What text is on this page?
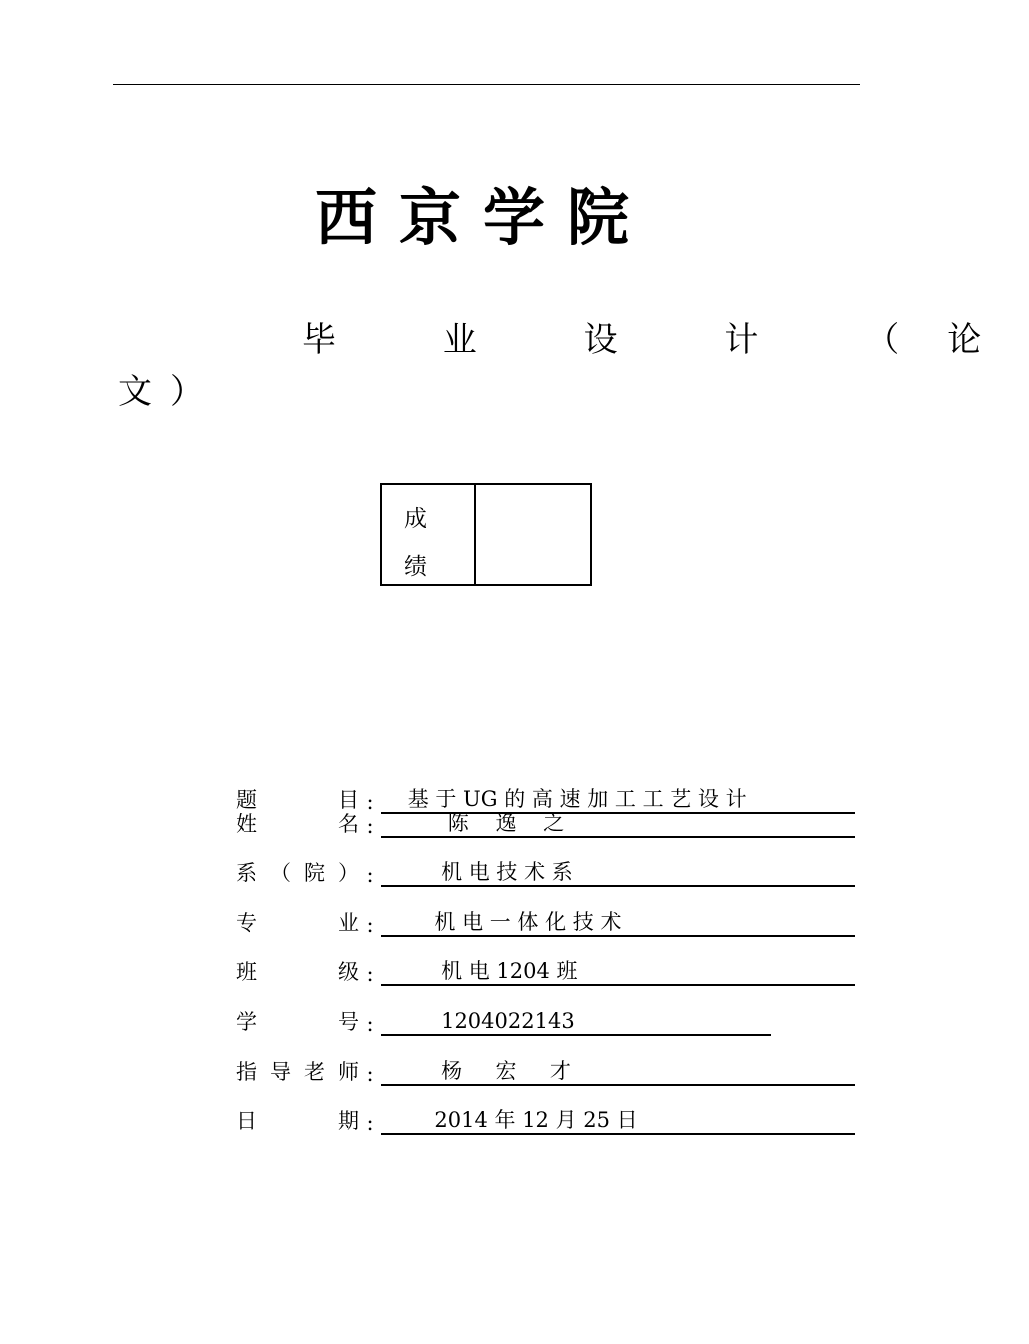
西京学院
毕 业 设 计 （论
文）
成
绩
题	目 : 基 于 UG 的 高 速 加 工 工 艺 设 计
姓	名 : 陈    逸    之
系 （ 院 ） : 机 电 技 术 系
专	业 : 机 电 一 体 化 技 术
班	级 : 机 电 1204 班
学	号 : 1204022143
指 导 老 师 : 杨     宏     才
日	期 : 2014 年 12 月 25 日
